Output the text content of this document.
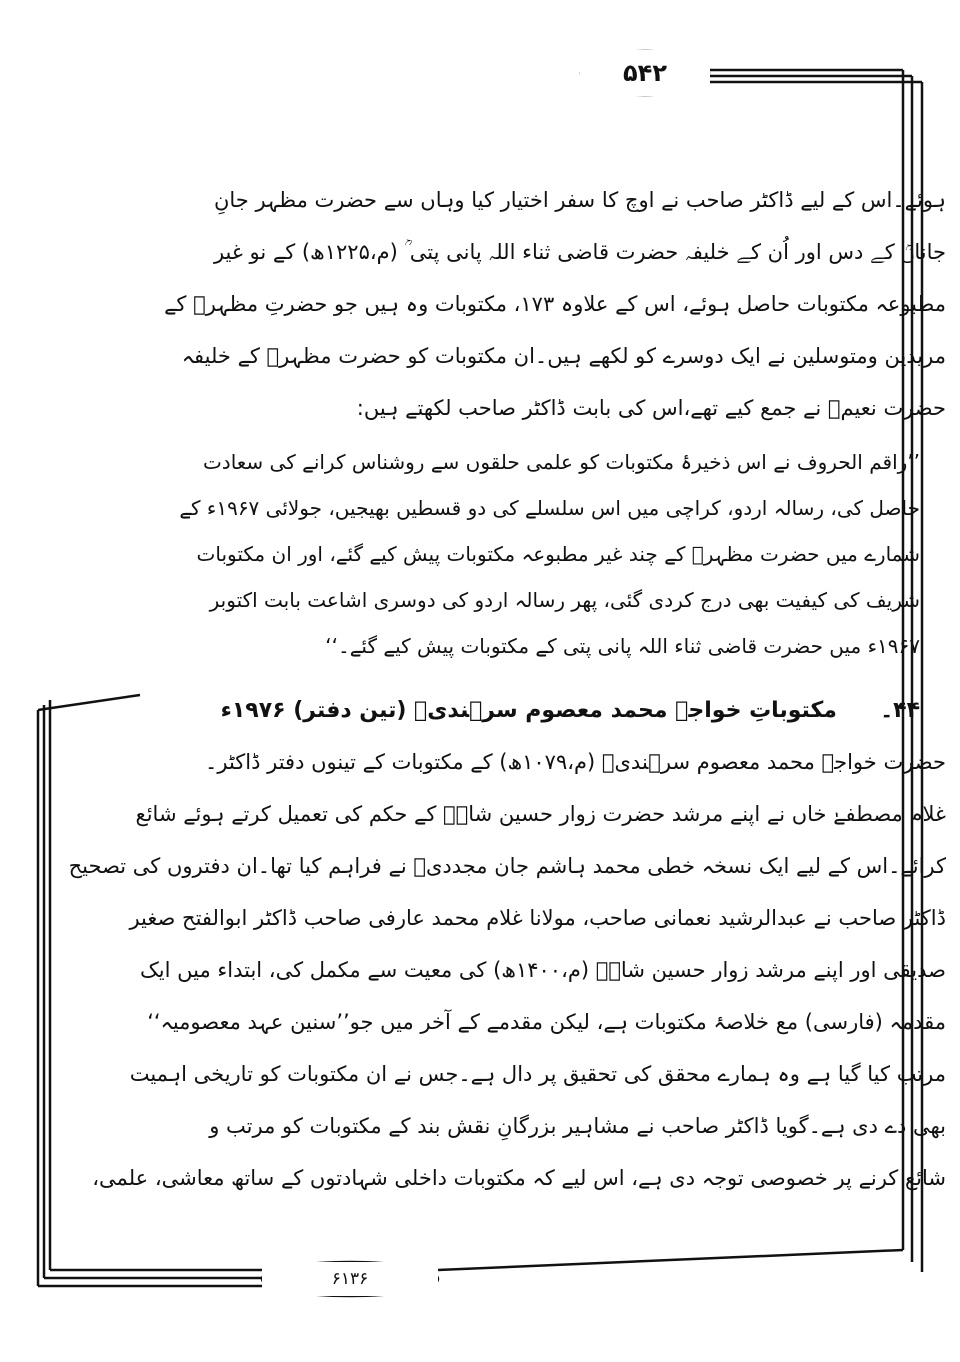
۵۴۲
ہوئے۔اس کے لیے ڈاکٹر صاحب نے اوچ کا سفر اختیار کیا وہاں سے حضرت مظہر جانِ
جاناںؒ کے دس اور اُن کے خلیفہ حضرت قاضی ثناء اللہ پانی پتی ؒ (م،۱۲۲۵ھ) کے نو غیر
مطبوعہ مکتوبات حاصل ہوئے، اس کے علاوہ ۱۷۳، مکتوبات وہ ہیں جو حضرتِ مظہرؒ کے
مریدین ومتوسلین نے ایک دوسرے کو لکھے ہیں۔ان مکتوبات کو حضرت مظہرؒ کے خلیفہ
حضرت نعیمؒ نے جمع کیے تھے،اس کی بابت ڈاکٹر صاحب لکھتے ہیں:
’’راقم الحروف نے اس ذخیرۂ مکتوبات کو علمی حلقوں سے روشناس کرانے کی سعادت
حاصل کی، رسالہ اردو، کراچی میں اس سلسلے کی دو قسطیں بھیجیں، جولائی ۱۹۶۷ء کے
شمارے میں حضرت مظہرؒ کے چند غیر مطبوعہ مکتوبات پیش کیے گئے، اور ان مکتوبات
شریف کی کیفیت بھی درج کردی گئی، پھر رسالہ اردو کی دوسری اشاعت بابت اکتوبر
۱۹۶۷ء میں حضرت قاضی ثناء اللہ پانی پتی کے مکتوبات پیش کیے گئے۔‘‘
۴۴۔  مکتوباتِ خواجہ محمد معصوم سرہندیؒ (تین دفتر) ۱۹۷۶ء
حضرت خواجہ محمد معصوم سرہندیؒ (م،۱۰۷۹ھ) کے مکتوبات کے تینوں دفتر ڈاکٹر۔
غلام مصطفےٰ خاں نے اپنے مرشد حضرت زوار حسین شاہؒ کے حکم کی تعمیل کرتے ہوئے شائع
کرائے۔اس کے لیے ایک نسخہ خطی محمد ہاشم جان مجددیؒ نے فراہم کیا تھا۔ان دفتروں کی تصحیح
ڈاکٹر صاحب نے عبدالرشید نعمانی صاحب، مولانا غلام محمد عارفی صاحب ڈاکٹر ابوالفتح صغیر
صدیقی اور اپنے مرشد زوار حسین شاہؒ (م،۱۴۰۰ھ) کی معیت سے مکمل کی، ابتداء میں ایک
مقدمہ (فارسی) مع خلاصۂ مکتوبات ہے، لیکن مقدمے کے آخر میں جو’’سنین عہد معصومیہ‘‘
مرتب کیا گیا ہے وہ ہمارے محقق کی تحقیق پر دال ہے۔جس نے ان مکتوبات کو تاریخی اہمیت
بھی دے دی ہے۔گویا ڈاکٹر صاحب نے مشاہیر بزرگانِ نقش بند کے مکتوبات کو مرتب و
شائع کرنے پر خصوصی توجہ دی ہے، اس لیے کہ مکتوبات داخلی شہادتوں کے ساتھ معاشی، علمی،
۶۱۳۶
